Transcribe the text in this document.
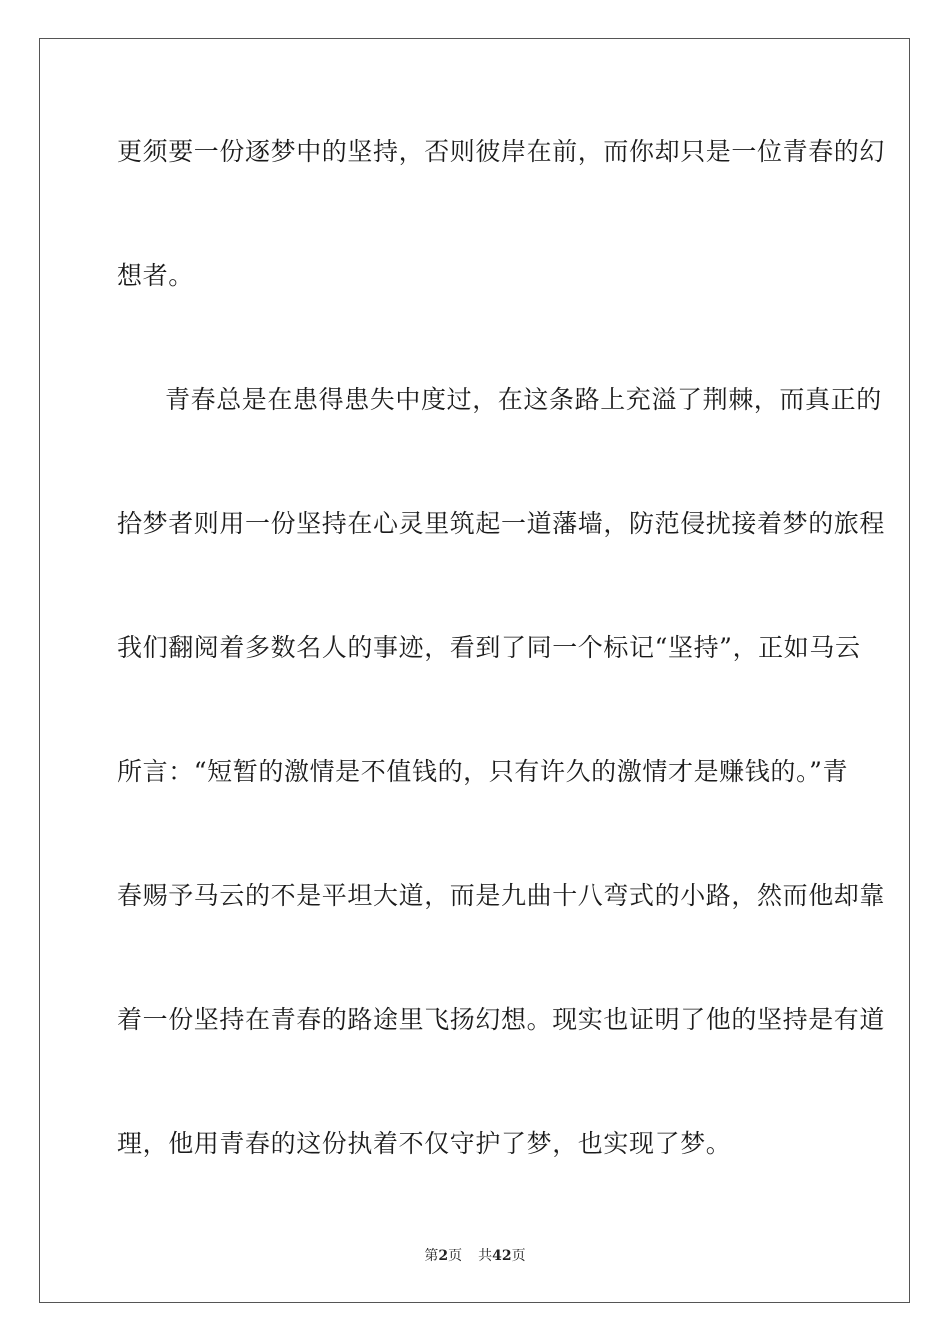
更须要一份逐梦中的坚持，否则彼岸在前，而你却只是一位青春的幻
想者。
青春总是在患得患失中度过，在这条路上充溢了荆棘，而真正的
拾梦者则用一份坚持在心灵里筑起一道藩墙，防范侵扰接着梦的旅程
我们翻阅着多数名人的事迹，看到了同一个标记“坚持”，正如马云
所言：“短暂的激情是不值钱的，只有许久的激情才是赚钱的。”青
春赐予马云的不是平坦大道，而是九曲十八弯式的小路，然而他却靠
着一份坚持在青春的路途里飞扬幻想。现实也证明了他的坚持是有道
理，他用青春的这份执着不仅守护了梦，也实现了梦。
第2页 共42页
